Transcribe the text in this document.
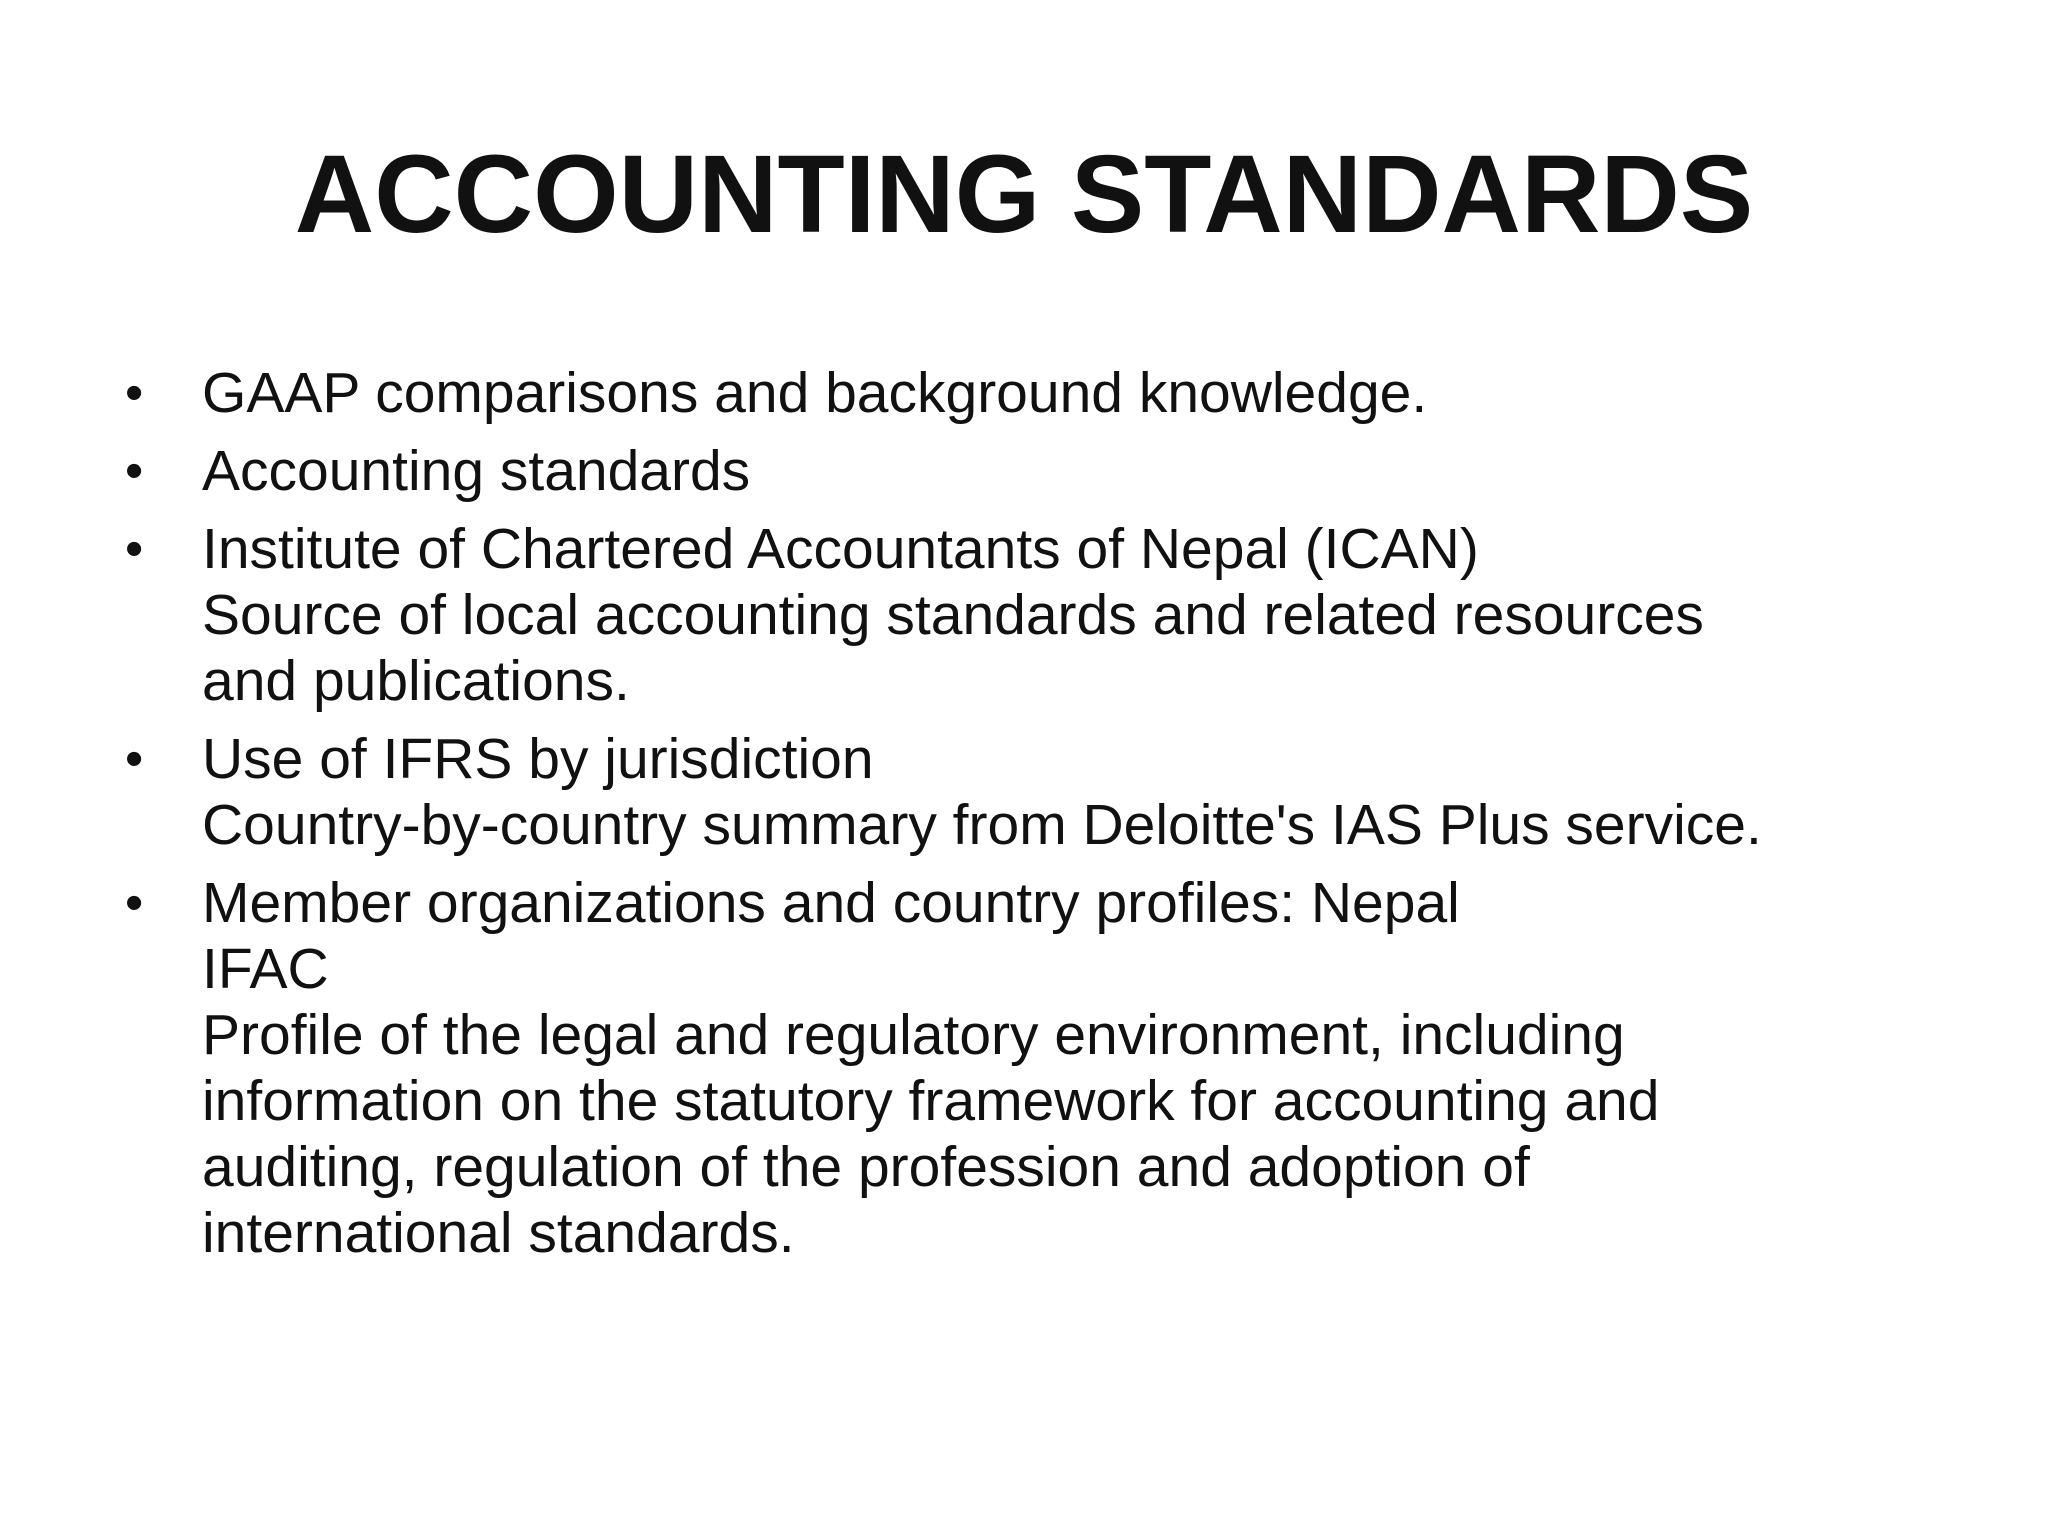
ACCOUNTING STANDARDS
•	GAAP comparisons and background knowledge.
•	Accounting standards
•	Institute of Chartered Accountants of Nepal (ICAN)
Source of local accounting standards and related resources
and publications.
•	Use of IFRS by jurisdiction
Country-by-country summary from Deloitte's IAS Plus service.
•	Member organizations and country profiles: Nepal
IFAC
Profile of the legal and regulatory environment, including
information on the statutory framework for accounting and
auditing, regulation of the profession and adoption of
international standards.
